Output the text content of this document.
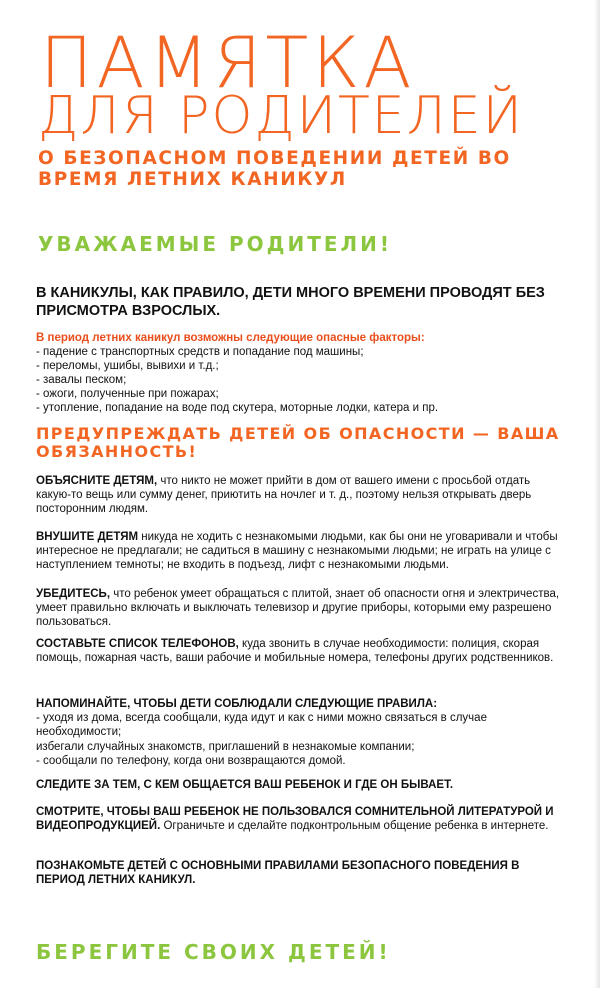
ПАМЯТКА
ДЛЯ РОДИТЕЛЕЙ
О БЕЗОПАСНОМ ПОВЕДЕНИИ ДЕТЕЙ ВО ВРЕМЯ ЛЕТНИХ КАНИКУЛ
УВАЖАЕМЫЕ РОДИТЕЛИ!
В КАНИКУЛЫ, КАК ПРАВИЛО, ДЕТИ МНОГО ВРЕМЕНИ ПРОВОДЯТ БЕЗ ПРИСМОТРА ВЗРОСЛЫХ.
В период летних каникул возможны следующие опасные факторы:
- падение с транспортных средств и попадание под машины;
- переломы, ушибы, вывихи и т.д.;
- завалы песком;
- ожоги, полученные при пожарах;
- утопление, попадание на воде под скутера, моторные лодки, катера и пр.
ПРЕДУПРЕЖДАТЬ ДЕТЕЙ ОБ ОПАСНОСТИ — ВАША ОБЯЗАННОСТЬ!
ОБЪЯСНИТЕ ДЕТЯМ, что никто не может прийти в дом от вашего имени с просьбой отдать какую-то вещь или сумму денег, приютить на ночлег и т. д., поэтому нельзя открывать дверь посторонним людям.
ВНУШИТЕ ДЕТЯМ никуда не ходить с незнакомыми людьми, как бы они не уговаривали и чтобы интересное не предлагали; не садиться в машину с незнакомыми людьми; не играть на улице с наступлением темноты; не входить в подъезд, лифт с незнакомыми людьми.
УБЕДИТЕСЬ, что ребенок умеет обращаться с плитой, знает об опасности огня и электричества, умеет правильно включать и выключать телевизор и другие приборы, которыми ему разрешено пользоваться.
СОСТАВЬТЕ СПИСОК ТЕЛЕФОНОВ, куда звонить в случае необходимости: полиция, скорая помощь, пожарная часть, ваши рабочие и мобильные номера, телефоны других родственников.
НАПОМИНАЙТЕ, ЧТОБЫ ДЕТИ СОБЛЮДАЛИ СЛЕДУЮЩИЕ ПРАВИЛА:
- уходя из дома, всегда сообщали, куда идут и как с ними можно связаться в случае необходимости;
избегали случайных знакомств, приглашений в незнакомые компании;
- сообщали по телефону, когда они возвращаются домой.
СЛЕДИТЕ ЗА ТЕМ, С КЕМ ОБЩАЕТСЯ ВАШ РЕБЕНОК И ГДЕ ОН БЫВАЕТ.
СМОТРИТЕ, ЧТОБЫ ВАШ РЕБЕНОК НЕ ПОЛЬЗОВАЛСЯ СОМНИТЕЛЬНОЙ ЛИТЕРАТУРОЙ И ВИДЕОПРОДУКЦИЕЙ. Ограничьте и сделайте подконтрольным общение ребенка в интернете.
ПОЗНАКОМЬТЕ ДЕТЕЙ С ОСНОВНЫМИ ПРАВИЛАМИ БЕЗОПАСНОГО ПОВЕДЕНИЯ В ПЕРИОД ЛЕТНИХ КАНИКУЛ.
БЕРЕГИТЕ СВОИХ ДЕТЕЙ!
